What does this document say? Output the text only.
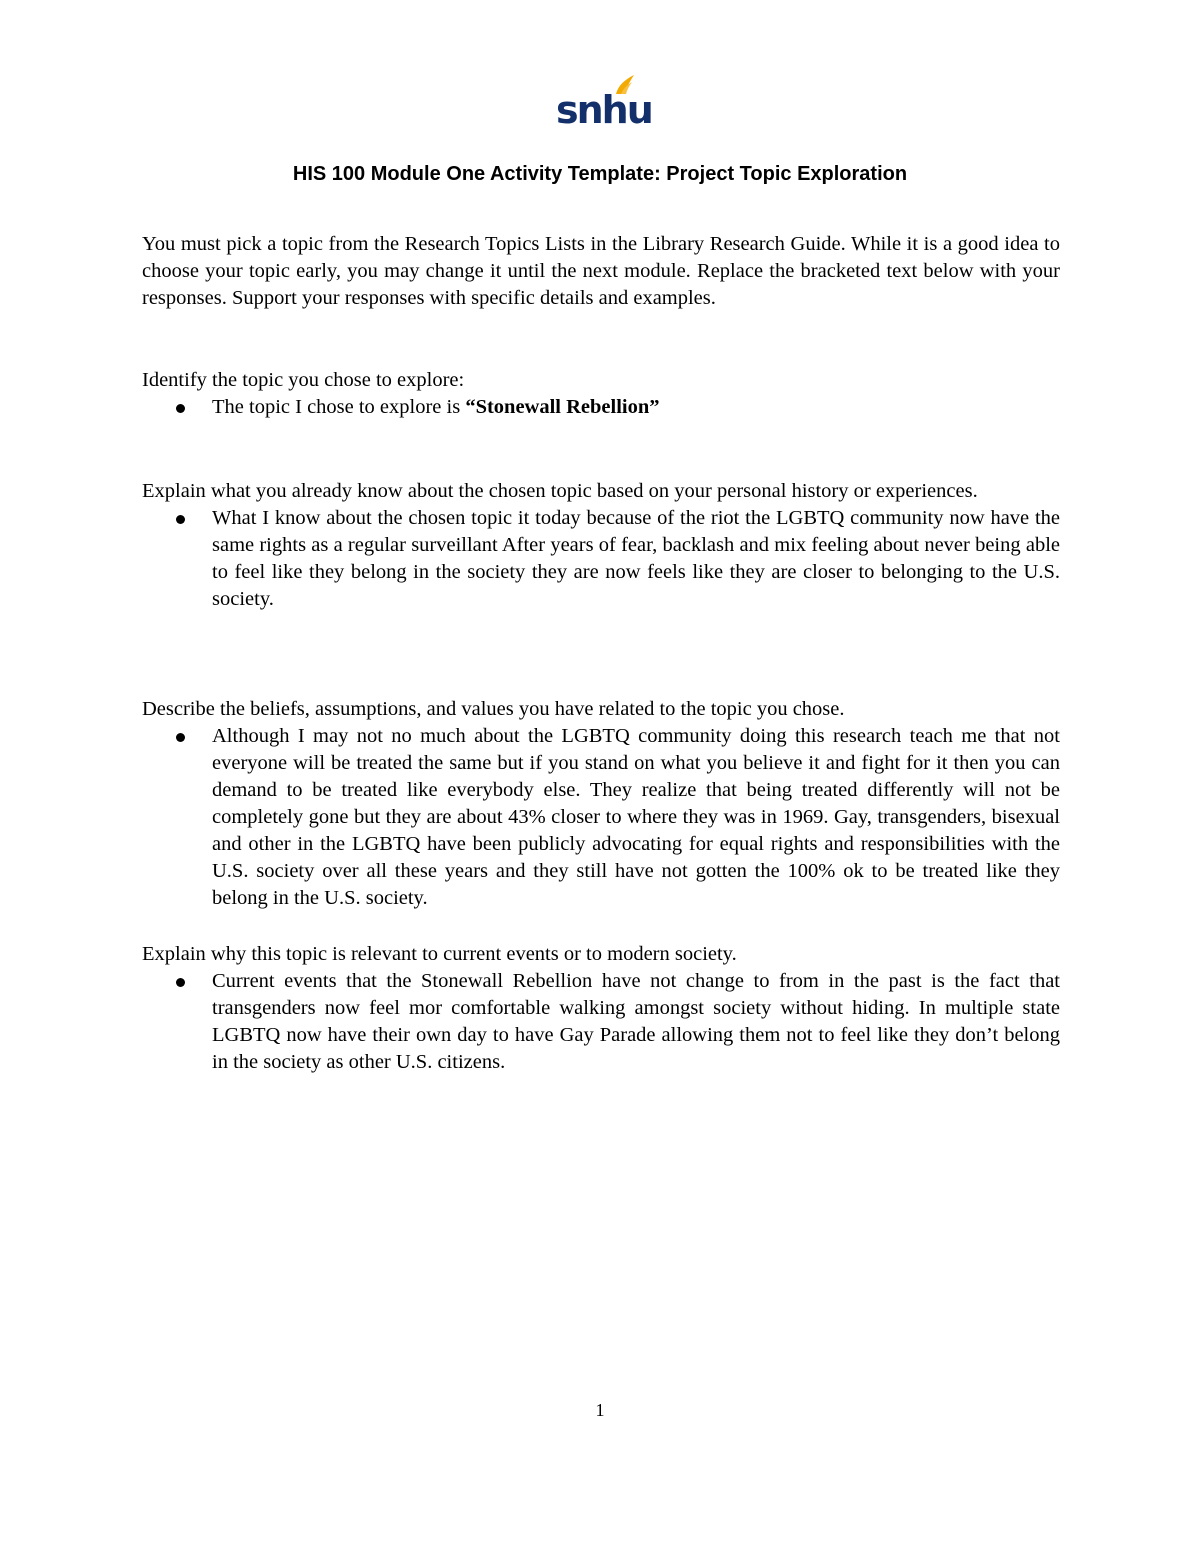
snhu
HIS 100 Module One Activity Template: Project Topic Exploration

You must pick a topic from the Research Topics Lists in the Library Research Guide. While it is a good idea to choose your topic early, you may change it until the next module. Replace the bracketed text below with your responses. Support your responses with specific details and examples.

Identify the topic you chose to explore:

The topic I chose to explore is “Stonewall Rebellion”

Explain what you already know about the chosen topic based on your personal history or experiences.

What I know about the chosen topic it today because of the riot the LGBTQ community now have the same rights as a regular surveillant After years of fear, backlash and mix feeling about never being able to feel like they belong in the society they are now feels like they are closer to belonging to the U.S. society.

Describe the beliefs, assumptions, and values you have related to the topic you chose.

Although I may not no much about the LGBTQ community doing this research teach me that not everyone will be treated the same but if you stand on what you believe it and fight for it then you can demand to be treated like everybody else. They realize that being treated differently will not be completely gone but they are about 43% closer to where they was in 1969. Gay, transgenders, bisexual and other in the LGBTQ have been publicly advocating for equal rights and responsibilities with the U.S. society over all these years and they still have not gotten the 100% ok to be treated like they belong in the U.S. society.

Explain why this topic is relevant to current events or to modern society.

Current events that the Stonewall Rebellion have not change to from in the past is the fact that transgenders now feel mor comfortable walking amongst society without hiding. In multiple state LGBTQ now have their own day to have Gay Parade allowing them not to feel like they don’t belong in the society as other U.S. citizens.
1
